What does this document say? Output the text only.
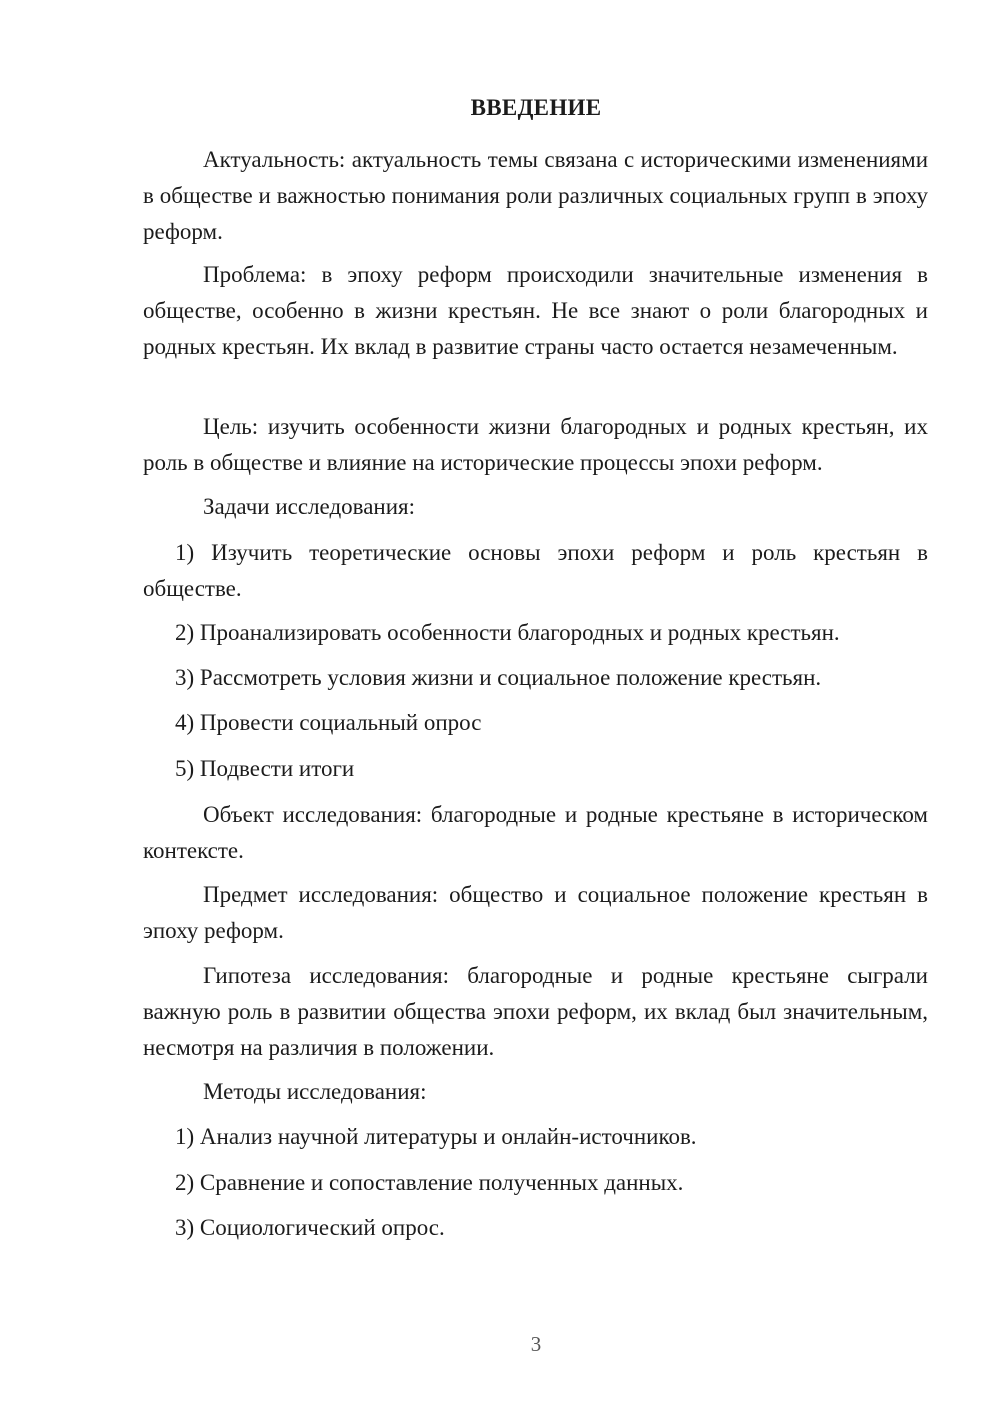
ВВЕДЕНИЕ

Актуальность: актуальность темы связана с историческими изменениями в обществе и важностью понимания роли различных социальных групп в эпоху реформ.

Проблема: в эпоху реформ происходили значительные изменения в обществе, особенно в жизни крестьян. Не все знают о роли благородных и родных крестьян. Их вклад в развитие страны часто остается незамеченным.

Цель: изучить особенности жизни благородных и родных крестьян, их роль в обществе и влияние на исторические процессы эпохи реформ.

Задачи исследования:

1) Изучить теоретические основы эпохи реформ и роль крестьян в обществе.

2) Проанализировать особенности благородных и родных крестьян.

3) Рассмотреть условия жизни и социальное положение крестьян.

4) Провести социальный опрос

5) Подвести итоги

Объект исследования: благородные и родные крестьяне в историческом контексте.

Предмет исследования: общество и социальное положение крестьян в эпоху реформ.

Гипотеза исследования: благородные и родные крестьяне сыграли важную роль в развитии общества эпохи реформ, их вклад был значительным, несмотря на различия в положении.

Методы исследования:

1) Анализ научной литературы и онлайн-источников.

2) Сравнение и сопоставление полученных данных.

3) Социологический опрос.

3
